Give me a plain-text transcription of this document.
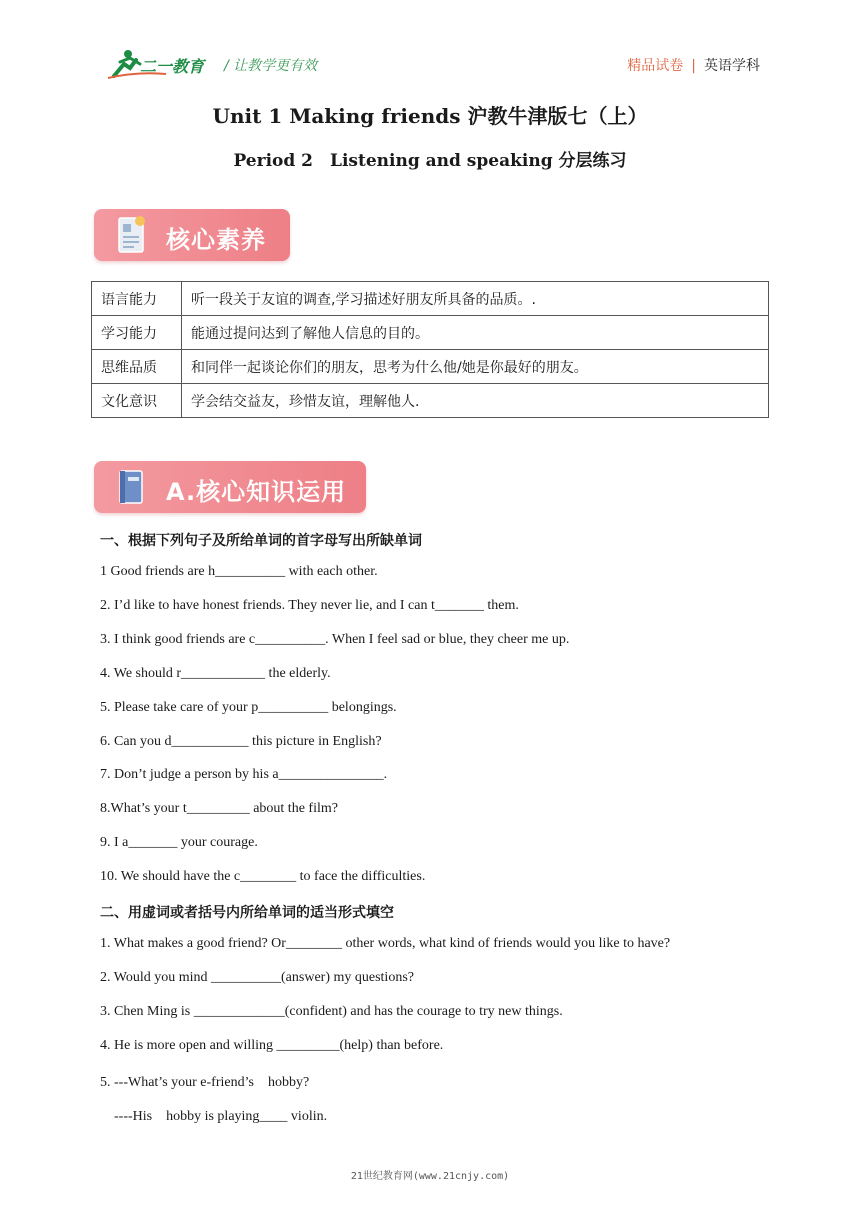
二一教育 / 让教学更有效	精品试卷 | 英语学科
Unit 1 Making friends 沪教牛津版七（上）
Period 2　Listening and speaking 分层练习
核心素养
语言能力	听一段关于友谊的调查,学习描述好朋友所具备的品质。.
学习能力	能通过提问达到了解他人信息的目的。
思维品质	和同伴一起谈论你们的朋友，思考为什么他/她是你最好的朋友。
文化意识	学会结交益友，珍惜友谊，理解他人.
A.核心知识运用
一、根据下列句子及所给单词的首字母写出所缺单词
1 Good friends are h__________ with each other.
2. I’d like to have honest friends. They never lie, and I can t_______ them.
3. I think good friends are c__________. When I feel sad or blue, they cheer me up.
4. We should r____________ the elderly.
5. Please take care of your p__________ belongings.
6. Can you d___________ this picture in English?
7. Don’t judge a person by his a_______________.
8.What’s your t_________ about the film?
9. I a_______ your courage.
10. We should have the c________ to face the difficulties.
二、用虚词或者括号内所给单词的适当形式填空
1. What makes a good friend? Or________ other words, what kind of friends would you like to have?
2. Would you mind __________(answer) my questions?
3. Chen Ming is _____________(confident) and has the courage to try new things.
4. He is more open and willing _________(help) than before.
5. ---What’s your e-friend’s　hobby?
　----His　hobby is playing____ violin.
21世纪教育网(www.21cnjy.com)
